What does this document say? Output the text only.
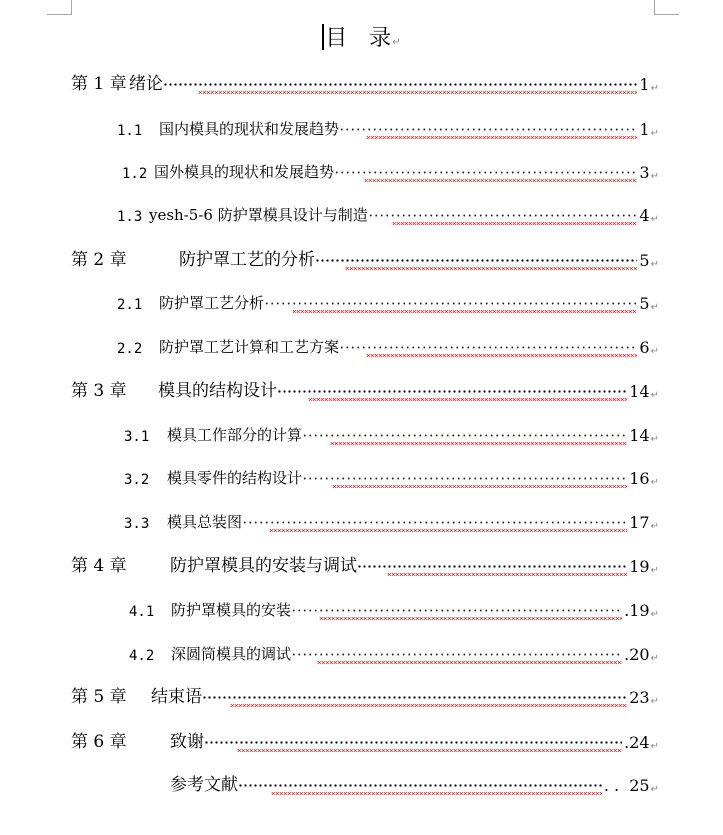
目 录↵
第 1 章 绪论	1 ↵
1.1	国内模具的现状和发展趋势	1 ↵
1.2 国外模具的现状和发展趋势	3 ↵
1.3 yesh-5-6 防护罩模具设计与制造	4 ↵
第 2 章	防护罩工艺的分析	5 ↵
2.1	防护罩工艺分析	5 ↵
2.2	防护罩工艺计算和工艺方案	6 ↵
第 3 章	模具的结构设计	14 ↵
3.1	模具工作部分的计算	14 ↵
3.2	模具零件的结构设计	16 ↵
3.3	模具总装图	17 ↵
第 4 章	防护罩模具的安装与调试	19 ↵
4.1	防护罩模具的安装	.19 ↵
4.2	深圆筒模具的调试	.20 ↵
第 5 章	结束语	23 ↵
第 6 章	致谢	.24 ↵
参考文献	. .  25 ↵
